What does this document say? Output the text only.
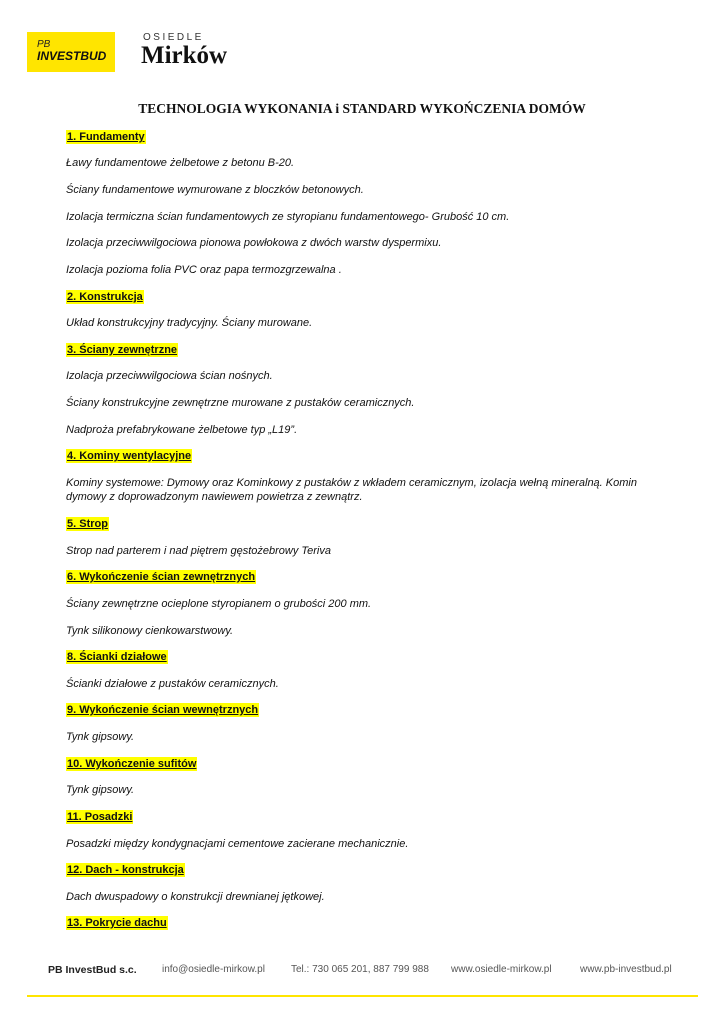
PB
INVESTBUD
OSIEDLE
Mirków
TECHNOLOGIA WYKONANIA i STANDARD WYKOŃCZENIA DOMÓW
1. Fundamenty
Ławy fundamentowe żelbetowe z betonu B-20.
Ściany fundamentowe wymurowane z bloczków betonowych.
Izolacja termiczna ścian fundamentowych ze styropianu fundamentowego- Grubość 10 cm.
Izolacja przeciwwilgociowa pionowa powłokowa z dwóch warstw dyspermixu.
Izolacja pozioma folia PVC oraz papa termozgrzewalna .
2. Konstrukcja
Układ konstrukcyjny tradycyjny. Ściany murowane.
3. Ściany zewnętrzne
Izolacja przeciwwilgociowa ścian nośnych.
Ściany konstrukcyjne zewnętrzne murowane z pustaków ceramicznych.
Nadproża prefabrykowane żelbetowe typ „L19”.
4. Kominy wentylacyjne
Kominy systemowe: Dymowy oraz Kominkowy z pustaków z wkładem ceramicznym, izolacja wełną mineralną. Komin dymowy z doprowadzonym nawiewem powietrza z zewnątrz.
5. Strop
Strop nad parterem i nad piętrem gęstożebrowy Teriva
6. Wykończenie ścian zewnętrznych
Ściany zewnętrzne ocieplone styropianem o grubości 200 mm.
Tynk silikonowy cienkowarstwowy.
8. Ścianki działowe
Ścianki działowe z pustaków ceramicznych.
9. Wykończenie ścian wewnętrznych
Tynk gipsowy.
10. Wykończenie sufitów
Tynk gipsowy.
11. Posadzki
Posadzki między kondygnacjami cementowe zacierane mechanicznie.
12. Dach - konstrukcja
Dach dwuspadowy o konstrukcji drewnianej jętkowej.
13. Pokrycie dachu
PB InvestBud s.c.	info@osiedle-mirkow.pl	Tel.: 730 065 201, 887 799 988 www.osiedle-mirkow.pl	www.pb-investbud.pl
